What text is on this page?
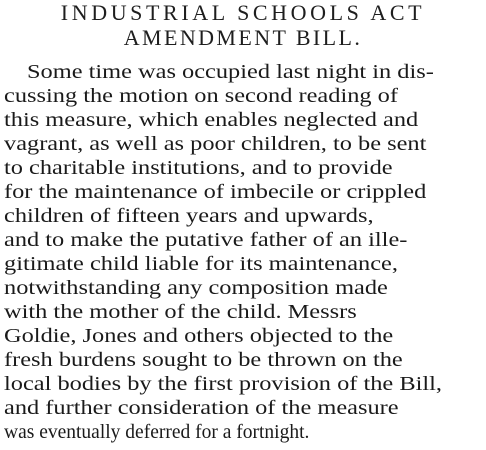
INDUSTRIAL SCHOOLS ACT
AMENDMENT BILL.
Some time was occupied last night in dis-
cussing the motion on second reading of
this measure, which enables neglected and
vagrant, as well as poor children, to be sent
to charitable institutions, and to provide
for the maintenance of imbecile or crippled
children of fifteen years and upwards,
and to make the putative father of an ille-
gitimate child liable for its maintenance,
notwithstanding any composition made
with the mother of the child. Messrs
Goldie, Jones and others objected to the
fresh burdens sought to be thrown on the
local bodies by the first provision of the Bill,
and further consideration of the measure
was eventually deferred for a fortnight.
